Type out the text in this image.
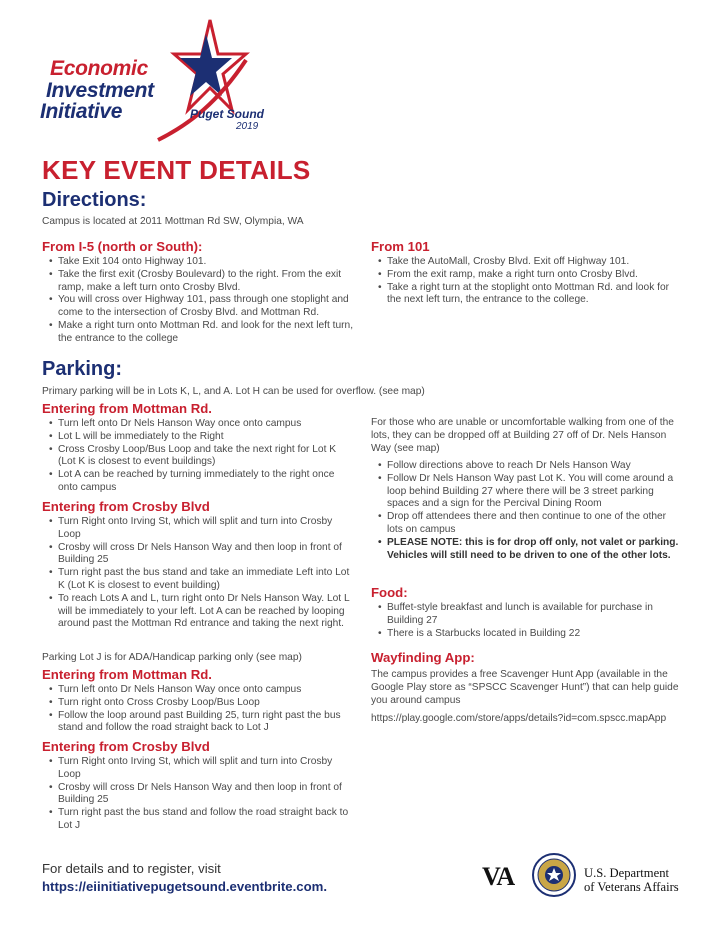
Economic
Investment
Initiative	Puget Sound
2019
KEY EVENT DETAILS
Directions:

Campus is located at 2011 Mottman Rd SW, Olympia, WA

From I-5 (north or South):
• Take Exit 104 onto Highway 101.
• Take the first exit (Crosby Boulevard) to the right. From the exit ramp, make a left turn onto Crosby Blvd.
• You will cross over Highway 101, pass through one stoplight and come to the intersection of Crosby Blvd. and Mottman Rd.
• Make a right turn onto Mottman Rd. and look for the next left turn, the entrance to the college
From 101
• Take the AutoMall, Crosby Blvd. Exit off Highway 101.
• From the exit ramp, make a right turn onto Crosby Blvd.
• Take a right turn at the stoplight onto Mottman Rd. and look for the next left turn, the entrance to the college.
Parking:

Primary parking will be in Lots K, L, and A. Lot H can be used for overflow. (see map)

Entering from Mottman Rd.
• Turn left onto Dr Nels Hanson Way once onto campus
• Lot L will be immediately to the Right
• Cross Crosby Loop/Bus Loop and take the next right for Lot K (Lot K is closest to event buildings)
• Lot A can be reached by turning immediately to the right once onto campus
Entering from Crosby Blvd
• Turn Right onto Irving St, which will split and turn into Crosby Loop
• Crosby will cross Dr Nels Hanson Way and then loop in front of Building 25
• Turn right past the bus stand and take an immediate Left into Lot K (Lot K is closest to event building)
• To reach Lots A and L, turn right onto Dr Nels Hanson Way. Lot L will be immediately to your left. Lot A can be reached by looping around past the Mottman Rd entrance and taking the next right.

Parking Lot J is for ADA/Handicap parking only (see map)

Entering from Mottman Rd.
• Turn left onto Dr Nels Hanson Way once onto campus
• Turn right onto Cross Crosby Loop/Bus Loop
• Follow the loop around past Building 25, turn right past the bus stand and follow the road straight back to Lot J
Entering from Crosby Blvd
• Turn Right onto Irving St, which will split and turn into Crosby Loop
• Crosby will cross Dr Nels Hanson Way and then loop in front of Building 25
• Turn right past the bus stand and follow the road straight back to Lot J

For those who are unable or uncomfortable walking from one of the lots, they can be dropped off at Building 27 off of Dr. Nels Hanson Way (see map)

• Follow directions above to reach Dr Nels Hanson Way
• Follow Dr Nels Hanson Way past Lot K. You will come around a loop behind Building 27 where there will be 3 street parking spaces and a sign for the Percival Dining Room
• Drop off attendees there and then continue to one of the other lots on campus
• PLEASE NOTE: this is for drop off only, not valet or parking. Vehicles will still need to be driven to one of the other lots.
Food:
• Buffet-style breakfast and lunch is available for purchase in Building 27
• There is a Starbucks located in Building 22
Wayfinding App:

The campus provides a free Scavenger Hunt App (available in the Google Play store as “SPSCC Scavenger Hunt”) that can help guide you around campus

https://play.google.com/store/apps/details?id=com.spscc.mapApp

For details and to register, visit
https://eiinitiativepugetsound.eventbrite.com.	VA	U.S. Department
of Veterans Affairs
